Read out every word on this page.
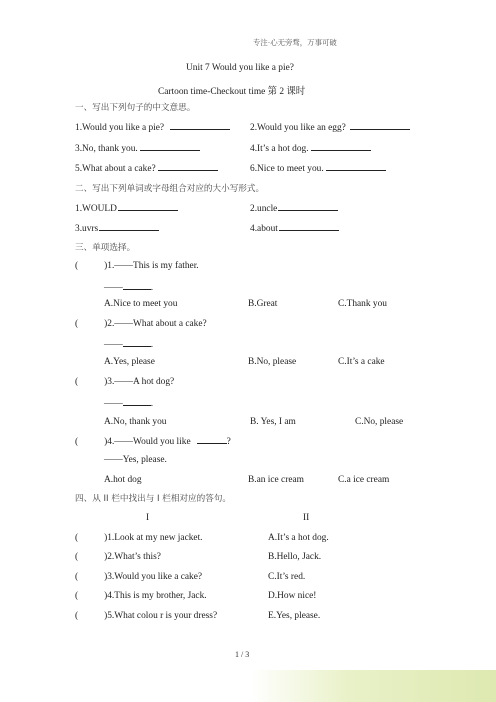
专注·心无旁骛，万事可破
Unit 7 Would you like a pie?
Cartoon time-Checkout time 第 2 课时
一、写出下列句子的中文意思。
1.Would you like a pie?	2.Would you like an egg?
3.No, thank you.	4.It’s a hot dog.
5.What about a cake?	6.Nice to meet you.
二、写出下列单词或字母组合对应的大小写形式。
1.WOULD	2.uncle
3.uvrs	4.about
三、单项选择。
(	)1.——This is my father.
——	.
A.Nice to meet you	B.Great	C.Thank you
(	)2.——What about a cake?
——	.
A.Yes, please	B.No, please	C.It’s a cake
(	)3.——A hot dog?
——	.
A.No, thank you	B. Yes, I am	C.No, please
(	)4.——Would you like	?
——Yes, please.
A.hot dog	B.an ice cream	C.a ice cream
四、从 II 栏中找出与 I 栏相对应的答句。
I	II
(	)1.Look at my new jacket.	A.It’s a hot dog.
(	)2.What’s this?	B.Hello, Jack.
(	)3.Would you like a cake?	C.It’s red.
(	)4.This is my brother, Jack.	D.How nice!
(	)5.What colou r is your dress?	E.Yes, please.
1 / 3
